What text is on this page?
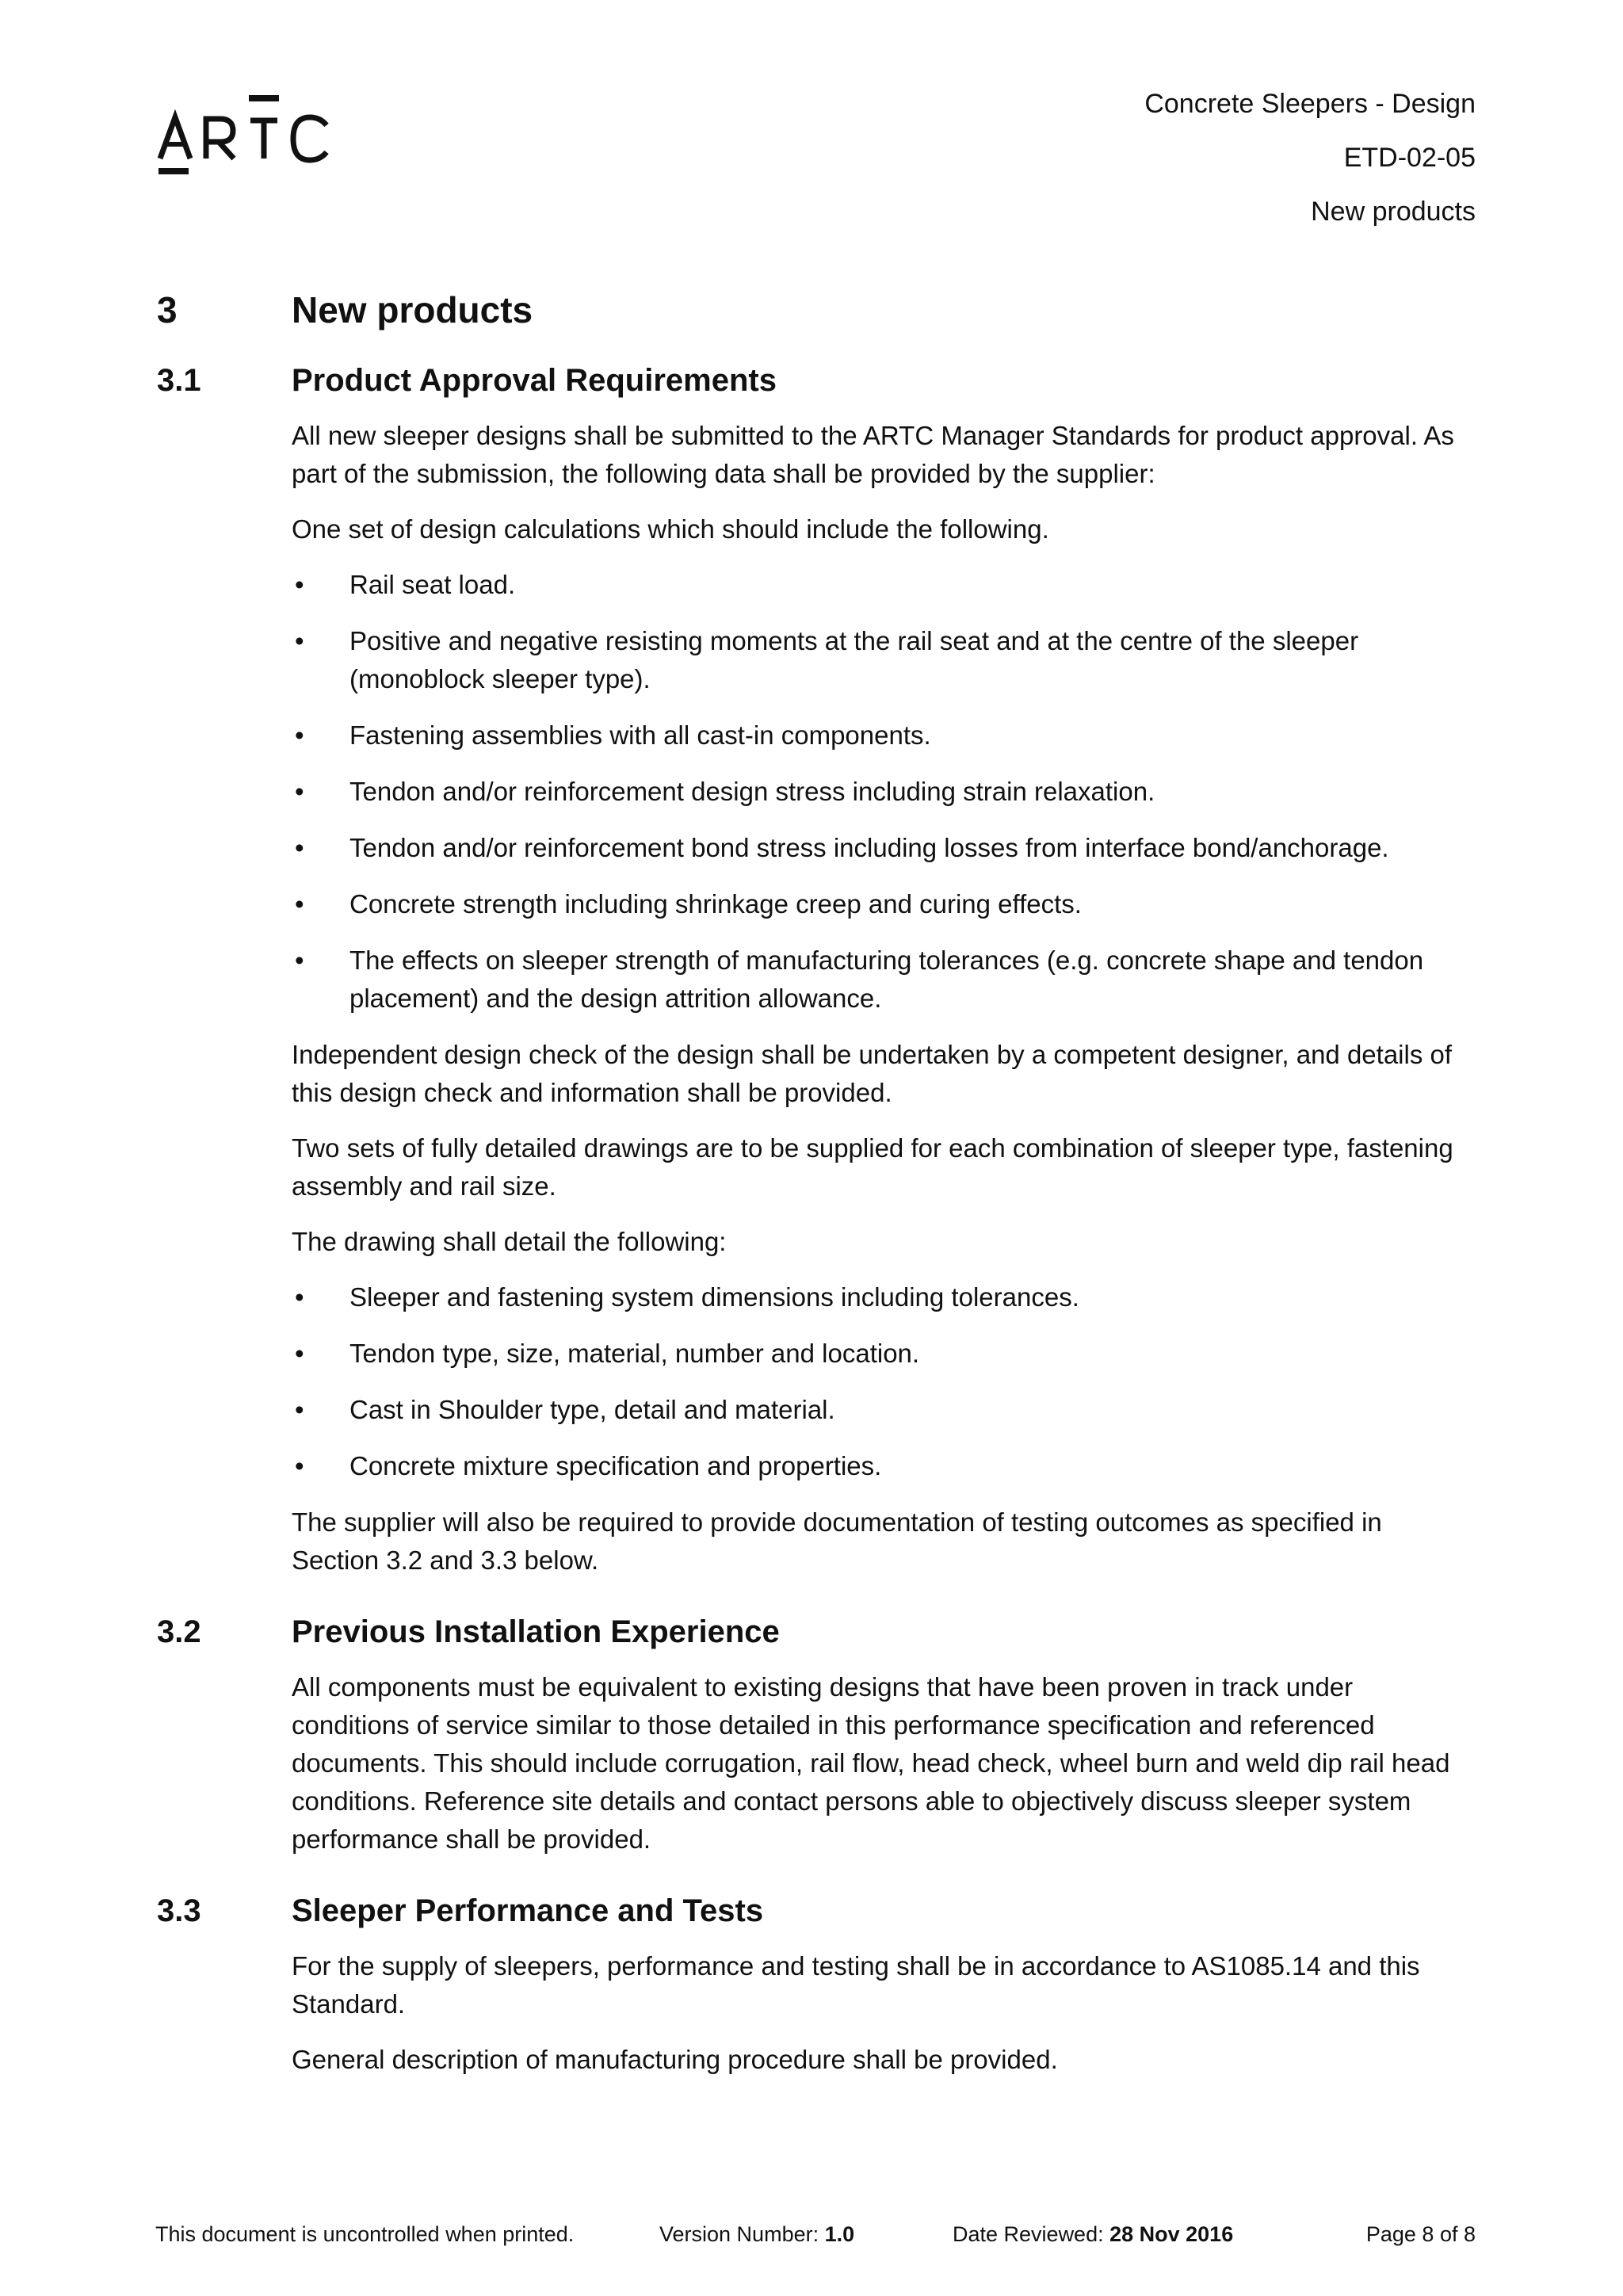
Concrete Sleepers - Design
ETD-02-05
New products
3	New products
3.1	Product Approval Requirements

All new sleeper designs shall be submitted to the ARTC Manager Standards for product approval. As part of the submission, the following data shall be provided by the supplier:

One set of design calculations which should include the following.

• Rail seat load.
• Positive and negative resisting moments at the rail seat and at the centre of the sleeper (monoblock sleeper type).
• Fastening assemblies with all cast-in components.
• Tendon and/or reinforcement design stress including strain relaxation.
• Tendon and/or reinforcement bond stress including losses from interface bond/anchorage.
• Concrete strength including shrinkage creep and curing effects.
• The effects on sleeper strength of manufacturing tolerances (e.g. concrete shape and tendon placement) and the design attrition allowance.

Independent design check of the design shall be undertaken by a competent designer, and details of this design check and information shall be provided.

Two sets of fully detailed drawings are to be supplied for each combination of sleeper type, fastening assembly and rail size.

The drawing shall detail the following:

• Sleeper and fastening system dimensions including tolerances.
• Tendon type, size, material, number and location.
• Cast in Shoulder type, detail and material.
• Concrete mixture specification and properties.

The supplier will also be required to provide documentation of testing outcomes as specified in Section 3.2 and 3.3 below.

3.2	Previous Installation Experience

All components must be equivalent to existing designs that have been proven in track under conditions of service similar to those detailed in this performance specification and referenced documents. This should include corrugation, rail flow, head check, wheel burn and weld dip rail head conditions. Reference site details and contact persons able to objectively discuss sleeper system performance shall be provided.

3.3	Sleeper Performance and Tests

For the supply of sleepers, performance and testing shall be in accordance to AS1085.14 and this Standard.

General description of manufacturing procedure shall be provided.

This document is uncontrolled when printed.	Version Number: 1.0	Date Reviewed: 28 Nov 2016	Page 8 of 8
